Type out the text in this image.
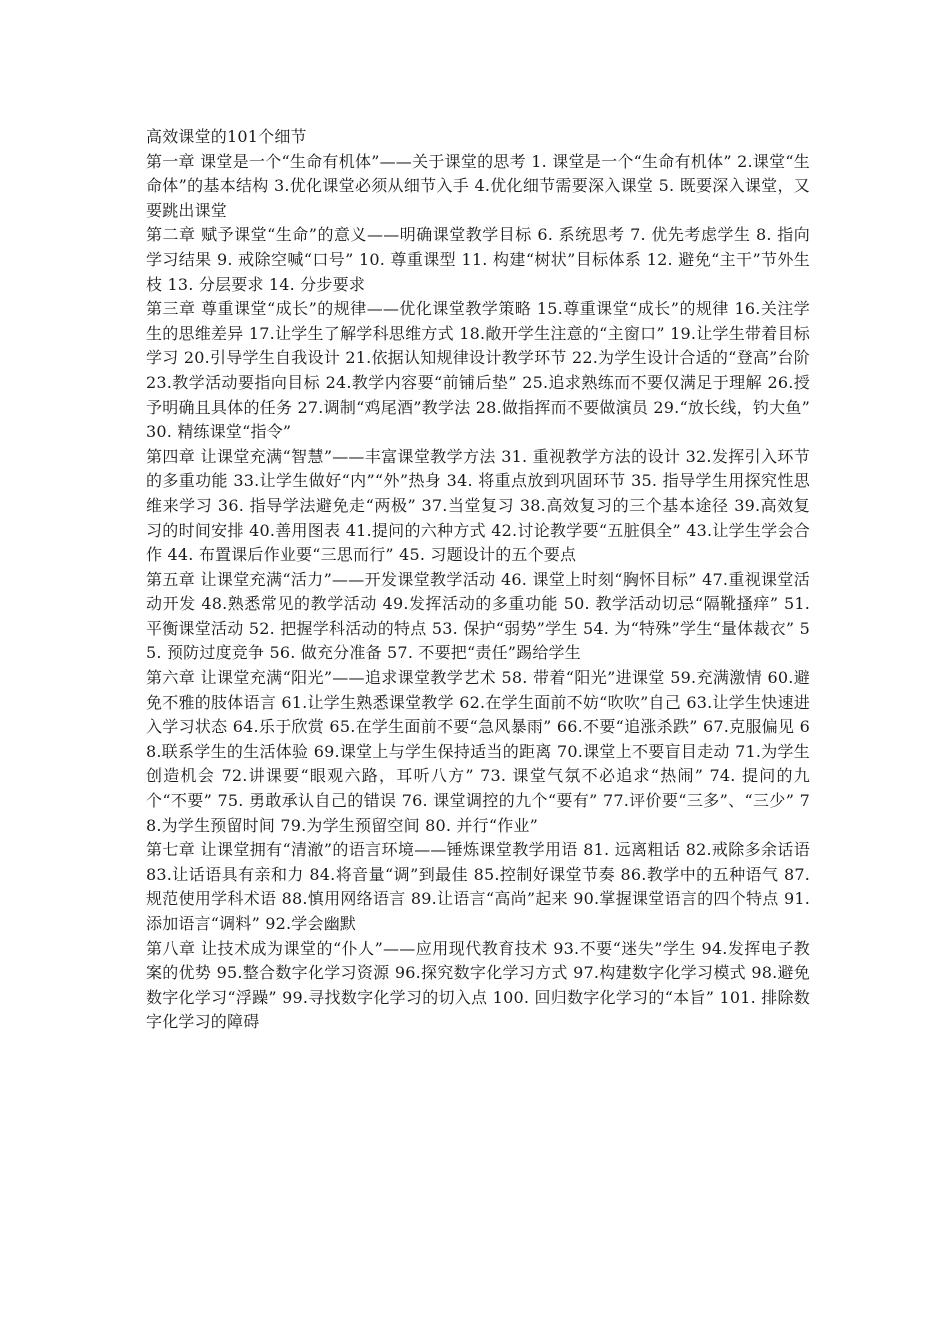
高效课堂的101个细节

第一章 课堂是一个“生命有机体”——关于课堂的思考 1. 课堂是一个“生命有机体” 2.课堂“生命体”的基本结构 3.优化课堂必须从细节入手 4.优化细节需要深入课堂 5. 既要深入课堂，又要跳出课堂

第二章 赋予课堂“生命”的意义——明确课堂教学目标 6. 系统思考 7. 优先考虑学生 8. 指向学习结果 9. 戒除空喊“口号” 10. 尊重课型 11. 构建“树状”目标体系 12. 避免“主干”节外生枝 13. 分层要求 14. 分步要求

第三章 尊重课堂“成长”的规律——优化课堂教学策略 15.尊重课堂“成长”的规律 16.关注学生的思维差异 17.让学生了解学科思维方式 18.敞开学生注意的“主窗口” 19.让学生带着目标学习 20.引导学生自我设计 21.依据认知规律设计教学环节 22.为学生设计合适的“登高”台阶 23.教学活动要指向目标 24.教学内容要“前铺后垫” 25.追求熟练而不要仅满足于理解 26.授予明确且具体的任务 27.调制“鸡尾酒”教学法 28.做指挥而不要做演员 29.“放长线，钓大鱼” 30. 精练课堂“指令”

第四章 让课堂充满“智慧”——丰富课堂教学方法 31. 重视教学方法的设计 32.发挥引入环节的多重功能 33.让学生做好“内”“外”热身 34. 将重点放到巩固环节 35. 指导学生用探究性思维来学习 36. 指导学法避免走“两极” 37.当堂复习 38.高效复习的三个基本途径 39.高效复习的时间安排 40.善用图表 41.提问的六种方式 42.讨论教学要“五脏俱全” 43.让学生学会合作 44. 布置课后作业要“三思而行” 45. 习题设计的五个要点

第五章 让课堂充满“活力”——开发课堂教学活动 46. 课堂上时刻“胸怀目标” 47.重视课堂活动开发 48.熟悉常见的教学活动 49.发挥活动的多重功能 50. 教学活动切忌“隔靴搔痒” 51. 平衡课堂活动 52. 把握学科活动的特点 53. 保护“弱势”学生 54. 为“特殊”学生“量体裁衣” 55. 预防过度竞争 56. 做充分准备 57. 不要把“责任”踢给学生

第六章 让课堂充满“阳光”——追求课堂教学艺术 58. 带着“阳光”进课堂 59.充满激情 60.避免不雅的肢体语言 61.让学生熟悉课堂教学 62.在学生面前不妨“吹吹”自己 63.让学生快速进入学习状态 64.乐于欣赏 65.在学生面前不要“急风暴雨” 66.不要“追涨杀跌” 67.克服偏见 68.联系学生的生活体验 69.课堂上与学生保持适当的距离 70.课堂上不要盲目走动 71.为学生创造机会 72.讲课要“眼观六路，耳听八方” 73. 课堂气氛不必追求“热闹” 74. 提问的九个“不要” 75. 勇敢承认自己的错误 76. 课堂调控的九个“要有” 77.评价要“三多”、“三少” 78.为学生预留时间 79.为学生预留空间 80. 并行“作业”

第七章 让课堂拥有“清澈”的语言环境——锤炼课堂教学用语 81. 远离粗话 82.戒除多余话语 83.让话语具有亲和力 84.将音量“调”到最佳 85.控制好课堂节奏 86.教学中的五种语气 87.规范使用学科术语 88.慎用网络语言 89.让语言“高尚”起来 90.掌握课堂语言的四个特点 91.添加语言“调料” 92.学会幽默

第八章 让技术成为课堂的“仆人”——应用现代教育技术 93.不要“迷失”学生 94.发挥电子教案的优势 95.整合数字化学习资源 96.探究数字化学习方式 97.构建数字化学习模式 98.避免数字化学习“浮躁” 99.寻找数字化学习的切入点 100. 回归数字化学习的“本旨” 101. 排除数字化学习的障碍
